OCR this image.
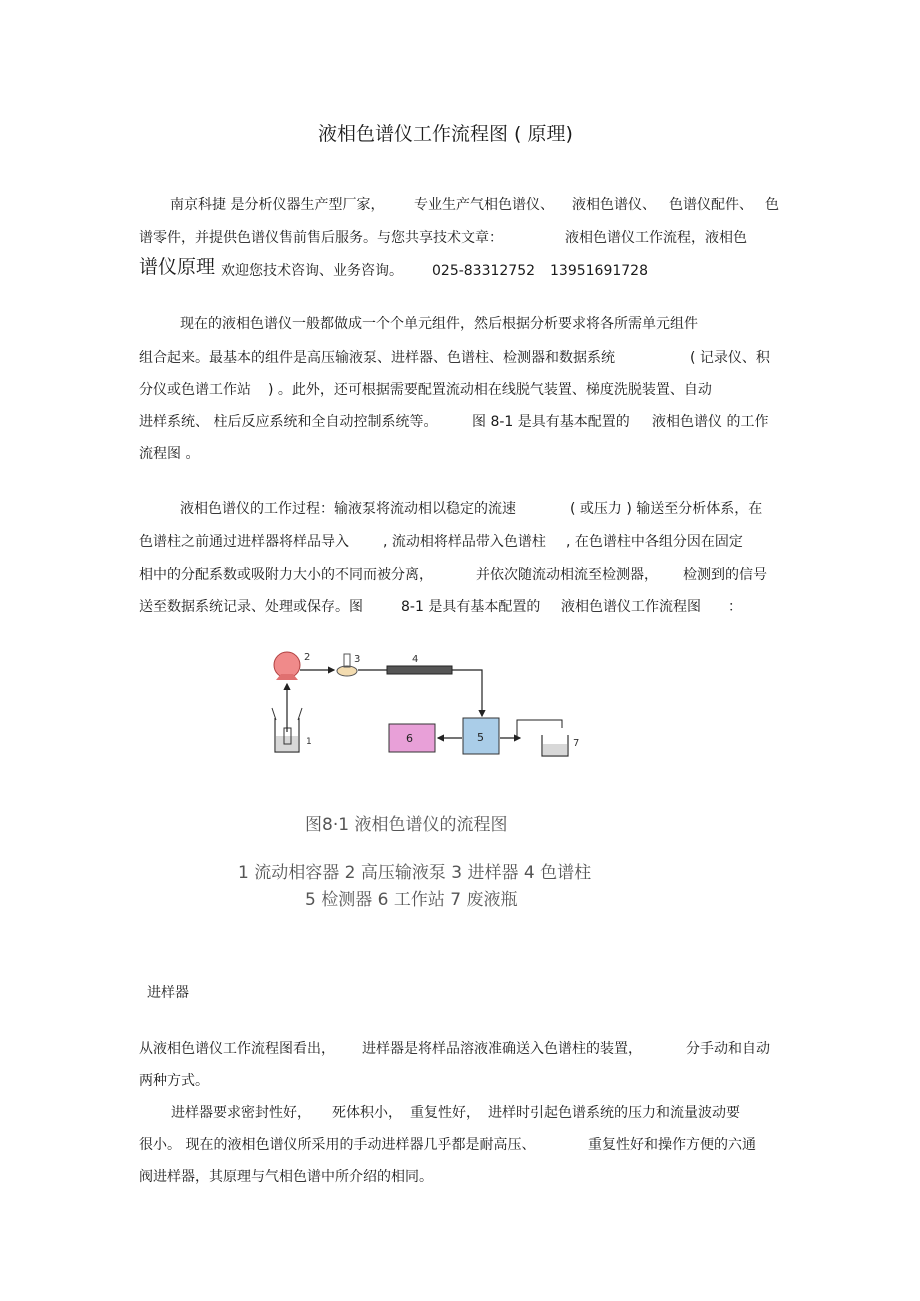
液相色谱仪工作流程图 ( 原理)
南京科捷 是分析仪器生产型厂家， 专业生产气相色谱仪、 液相色谱仪、 色谱仪配件、 色
谱零件，并提供色谱仪售前售后服务。与您共享技术文章：	液相色谱仪工作流程，液相色
谱仪原理 欢迎您技术咨询、业务咨询。 025-83312752 13951691728
现在的液相色谱仪一般都做成一个个单元组件，然后根据分析要求将各所需单元组件
组合起来。最基本的组件是高压输液泵、进样器、色谱柱、检测器和数据系统	( 记录仪、积
分仪或色谱工作站 ) 。此外，还可根据需要配置流动相在线脱气装置、梯度洗脱装置、自动
进样系统、 柱后反应系统和全自动控制系统等。 图 8-1 是具有基本配置的 液相色谱仪 的工作
流程图 。
液相色谱仪的工作过程：输液泵将流动相以稳定的流速	( 或压力 ) 输送至分析体系，在
色谱柱之前通过进样器将样品导入 , 流动相将样品带入色谱柱 , 在色谱柱中各组分因在固定
相中的分配系数或吸附力大小的不同而被分离，	并依次随流动相流至检测器， 检测到的信号
送至数据系统记录、处理或保存。图	8-1 是具有基本配置的 液相色谱仪工作流程图 ：
1
2	3	4
5
6	7
图8·1 液相色谱仪的流程图
1 流动相容器 2 高压输液泵 3 进样器 4 色谱柱
5 检测器 6 工作站 7 废液瓶
进样器
从液相色谱仪工作流程图看出， 进样器是将样品溶液准确送入色谱柱的装置，	分手动和自动
两种方式。
进样器要求密封性好， 死体积小， 重复性好， 进样时引起色谱系统的压力和流量波动要
很小。 现在的液相色谱仪所采用的手动进样器几乎都是耐高压、	重复性好和操作方便的六通
阀进样器，其原理与气相色谱中所介绍的相同。
